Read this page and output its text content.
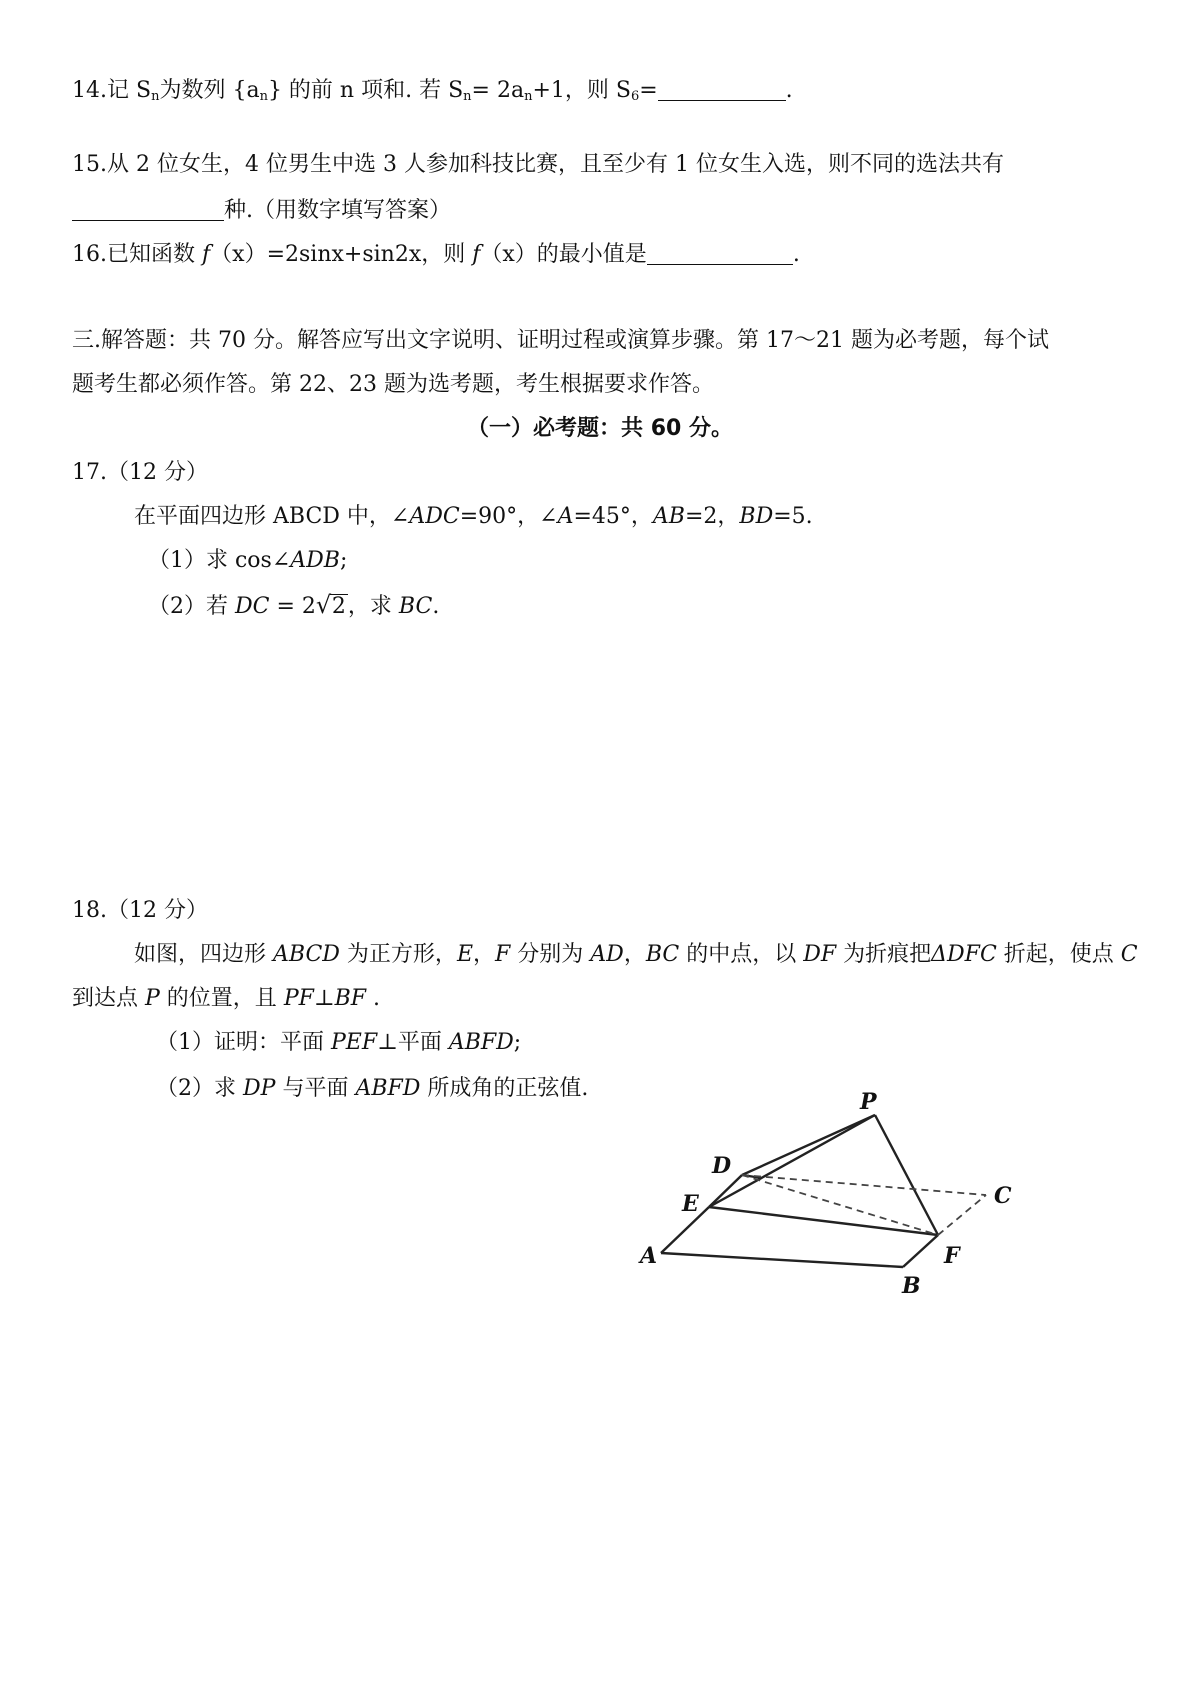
14.记 $S_n$为数列 $\{a_n\}$ 的前 n 项和. 若 $S_n= 2a_n+1$，则 $S_6=$	.
15.从 2 位女生，4 位男生中选 3 人参加科技比赛，且至少有 1 位女生入选，则不同的选法共有
种.（用数字填写答案）
16.已知函数 f（x）=2sinx+sin2x，则 f（x）的最小值是	.
三.解答题：共 70 分。解答应写出文字说明、证明过程或演算步骤。第 17～21 题为必考题，每个试
题考生都必须作答。第 22、23 题为选考题，考生根据要求作答。
（一）必考题：共 60 分。
17.（12 分）
在平面四边形 ABCD 中，∠ADC=90°，∠A=45°，AB=2，BD=5.
（1）求 cos∠ADB;
（2）若 DC = 2 √ 2，求 BC.
18.（12 分）
如图，四边形 ABCD 为正方形，E，F 分别为 AD，BC 的中点，以 DF 为折痕把ΔDFC 折起，使点 C
到达点 P 的位置，且 PF⊥BF .
（1）证明：平面 PEF⊥平面 ABFD;
（2）求 DP 与平面 ABFD 所成角的正弦值.
P
D
C
E
A	F
B
